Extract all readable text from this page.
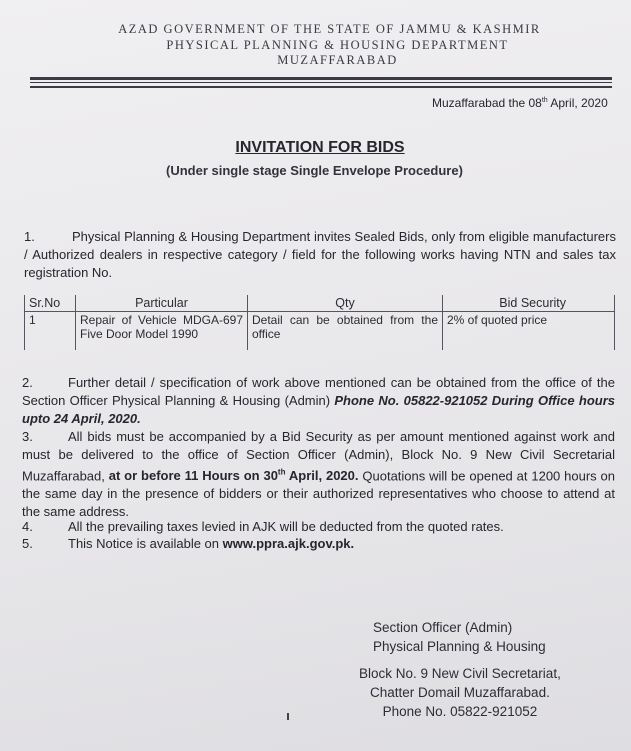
AZAD GOVERNMENT OF THE STATE OF JAMMU & KASHMIR
PHYSICAL PLANNING & HOUSING DEPARTMENT
MUZAFFARABAD
Muzaffarabad the 08th April, 2020
INVITATION FOR BIDS
(Under single stage Single Envelope Procedure)
1.	Physical Planning & Housing Department invites Sealed Bids, only from eligible manufacturers / Authorized dealers in respective category / field for the following works having NTN and sales tax registration No.
Sr.No	Particular	Qty	Bid Security
1	Repair of Vehicle MDGA-697 Five Door Model 1990	Detail can be obtained from the office	2% of quoted price
2.	Further detail / specification of work above mentioned can be obtained from the office of the Section Officer Physical Planning & Housing (Admin) Phone No. 05822-921052 During Office hours upto 24 April, 2020.
3.	All bids must be accompanied by a Bid Security as per amount mentioned against work and must be delivered to the office of Section Officer (Admin), Block No. 9 New Civil Secretarial Muzaffarabad, at or before 11 Hours on 30th April, 2020. Quotations will be opened at 1200 hours on the same day in the presence of bidders or their authorized representatives who choose to attend at the same address.
4.	All the prevailing taxes levied in AJK will be deducted from the quoted rates.
5.	This Notice is available on www.ppra.ajk.gov.pk.
Section Officer (Admin)
Physical Planning & Housing
Block No. 9 New Civil Secretariat,
Chatter Domail Muzaffarabad.
Phone No. 05822-921052
